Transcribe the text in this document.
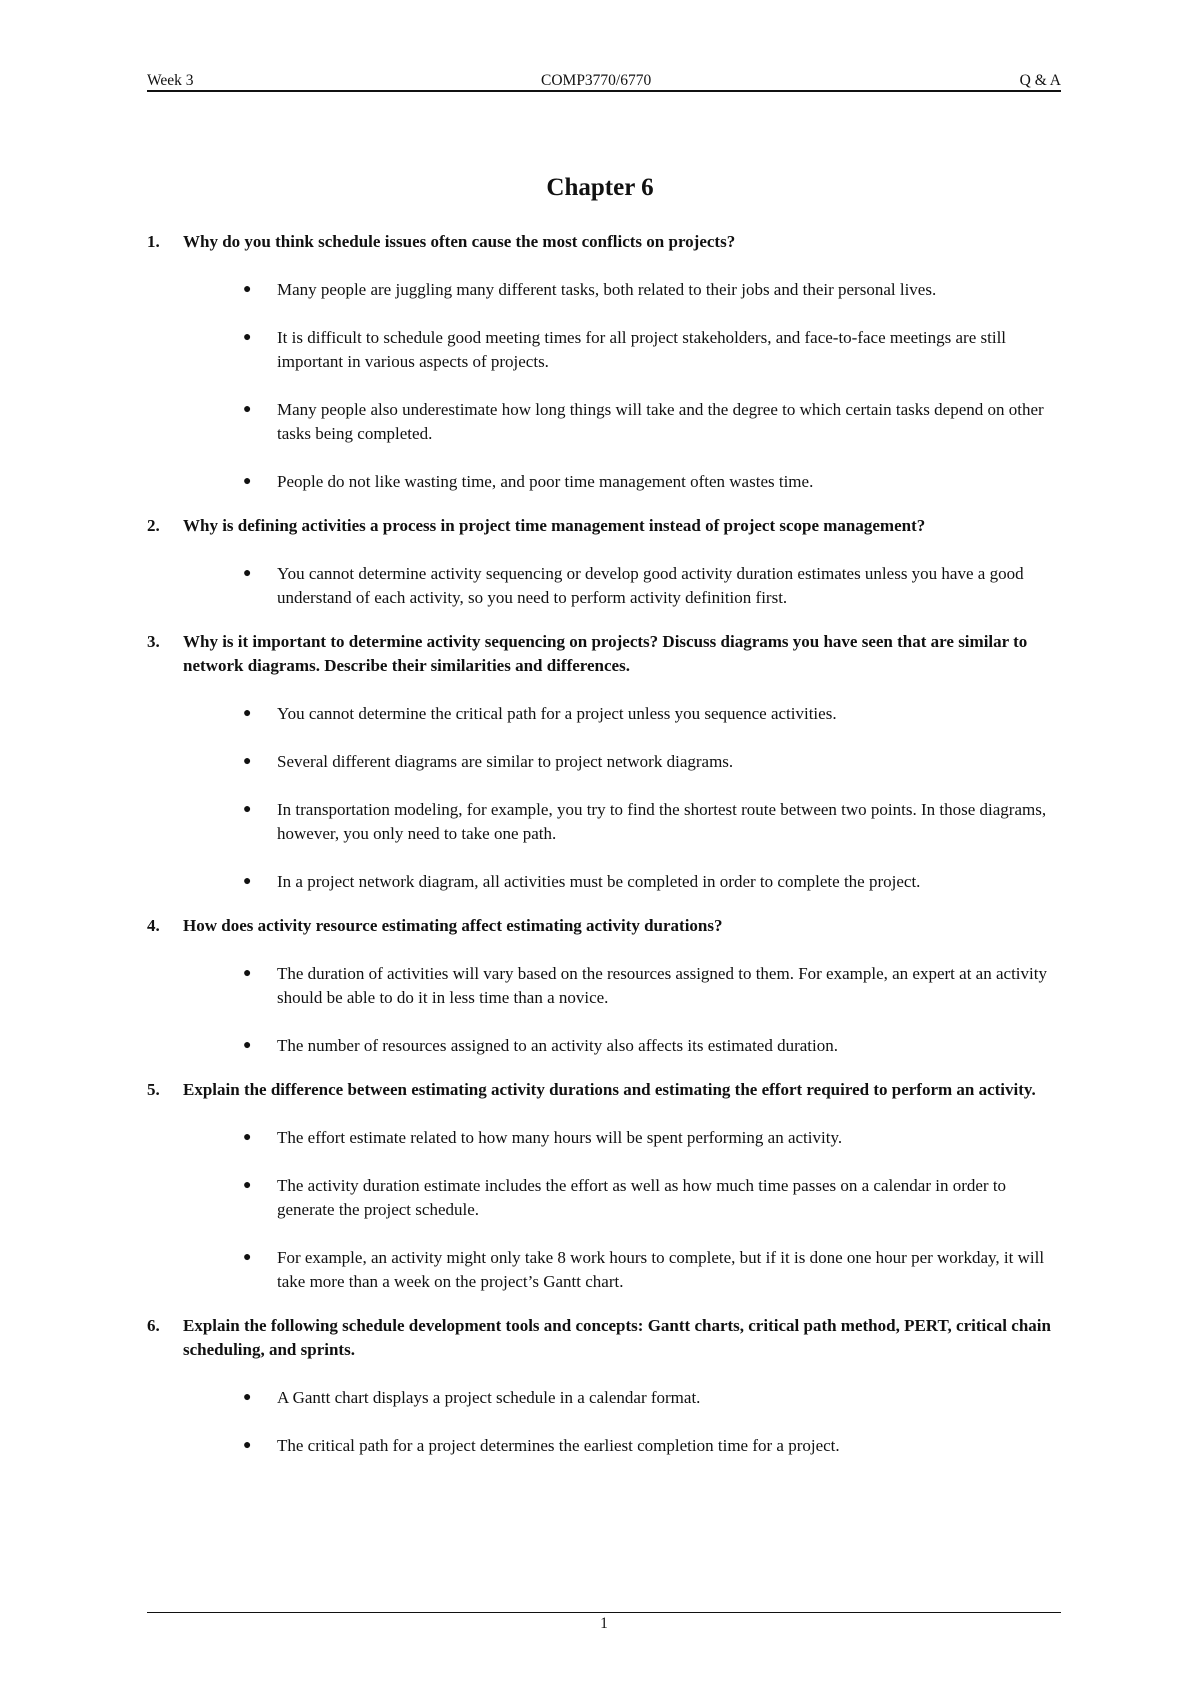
Week 3	COMP3770/6770	Q & A
Chapter 6

1. Why do you think schedule issues often cause the most conflicts on projects?

● Many people are juggling many different tasks, both related to their jobs and their personal lives.
● It is difficult to schedule good meeting times for all project stakeholders, and face-to-face meetings are still important in various aspects of projects.
● Many people also underestimate how long things will take and the degree to which certain tasks depend on other tasks being completed.
● People do not like wasting time, and poor time management often wastes time.

2. Why is defining activities a process in project time management instead of project scope management?

● You cannot determine activity sequencing or develop good activity duration estimates unless you have a good understand of each activity, so you need to perform activity definition first.

3. Why is it important to determine activity sequencing on projects? Discuss diagrams you have seen that are similar to network diagrams. Describe their similarities and differences.

● You cannot determine the critical path for a project unless you sequence activities.
● Several different diagrams are similar to project network diagrams.
● In transportation modeling, for example, you try to find the shortest route between two points. In those diagrams, however, you only need to take one path.
● In a project network diagram, all activities must be completed in order to complete the project.

4. How does activity resource estimating affect estimating activity durations?

● The duration of activities will vary based on the resources assigned to them. For example, an expert at an activity should be able to do it in less time than a novice.
● The number of resources assigned to an activity also affects its estimated duration.

5. Explain the difference between estimating activity durations and estimating the effort required to perform an activity.

● The effort estimate related to how many hours will be spent performing an activity.
● The activity duration estimate includes the effort as well as how much time passes on a calendar in order to generate the project schedule.
● For example, an activity might only take 8 work hours to complete, but if it is done one hour per workday, it will take more than a week on the project’s Gantt chart.

6. Explain the following schedule development tools and concepts: Gantt charts, critical path method, PERT, critical chain scheduling, and sprints.

● A Gantt chart displays a project schedule in a calendar format.
● The critical path for a project determines the earliest completion time for a project.
1
